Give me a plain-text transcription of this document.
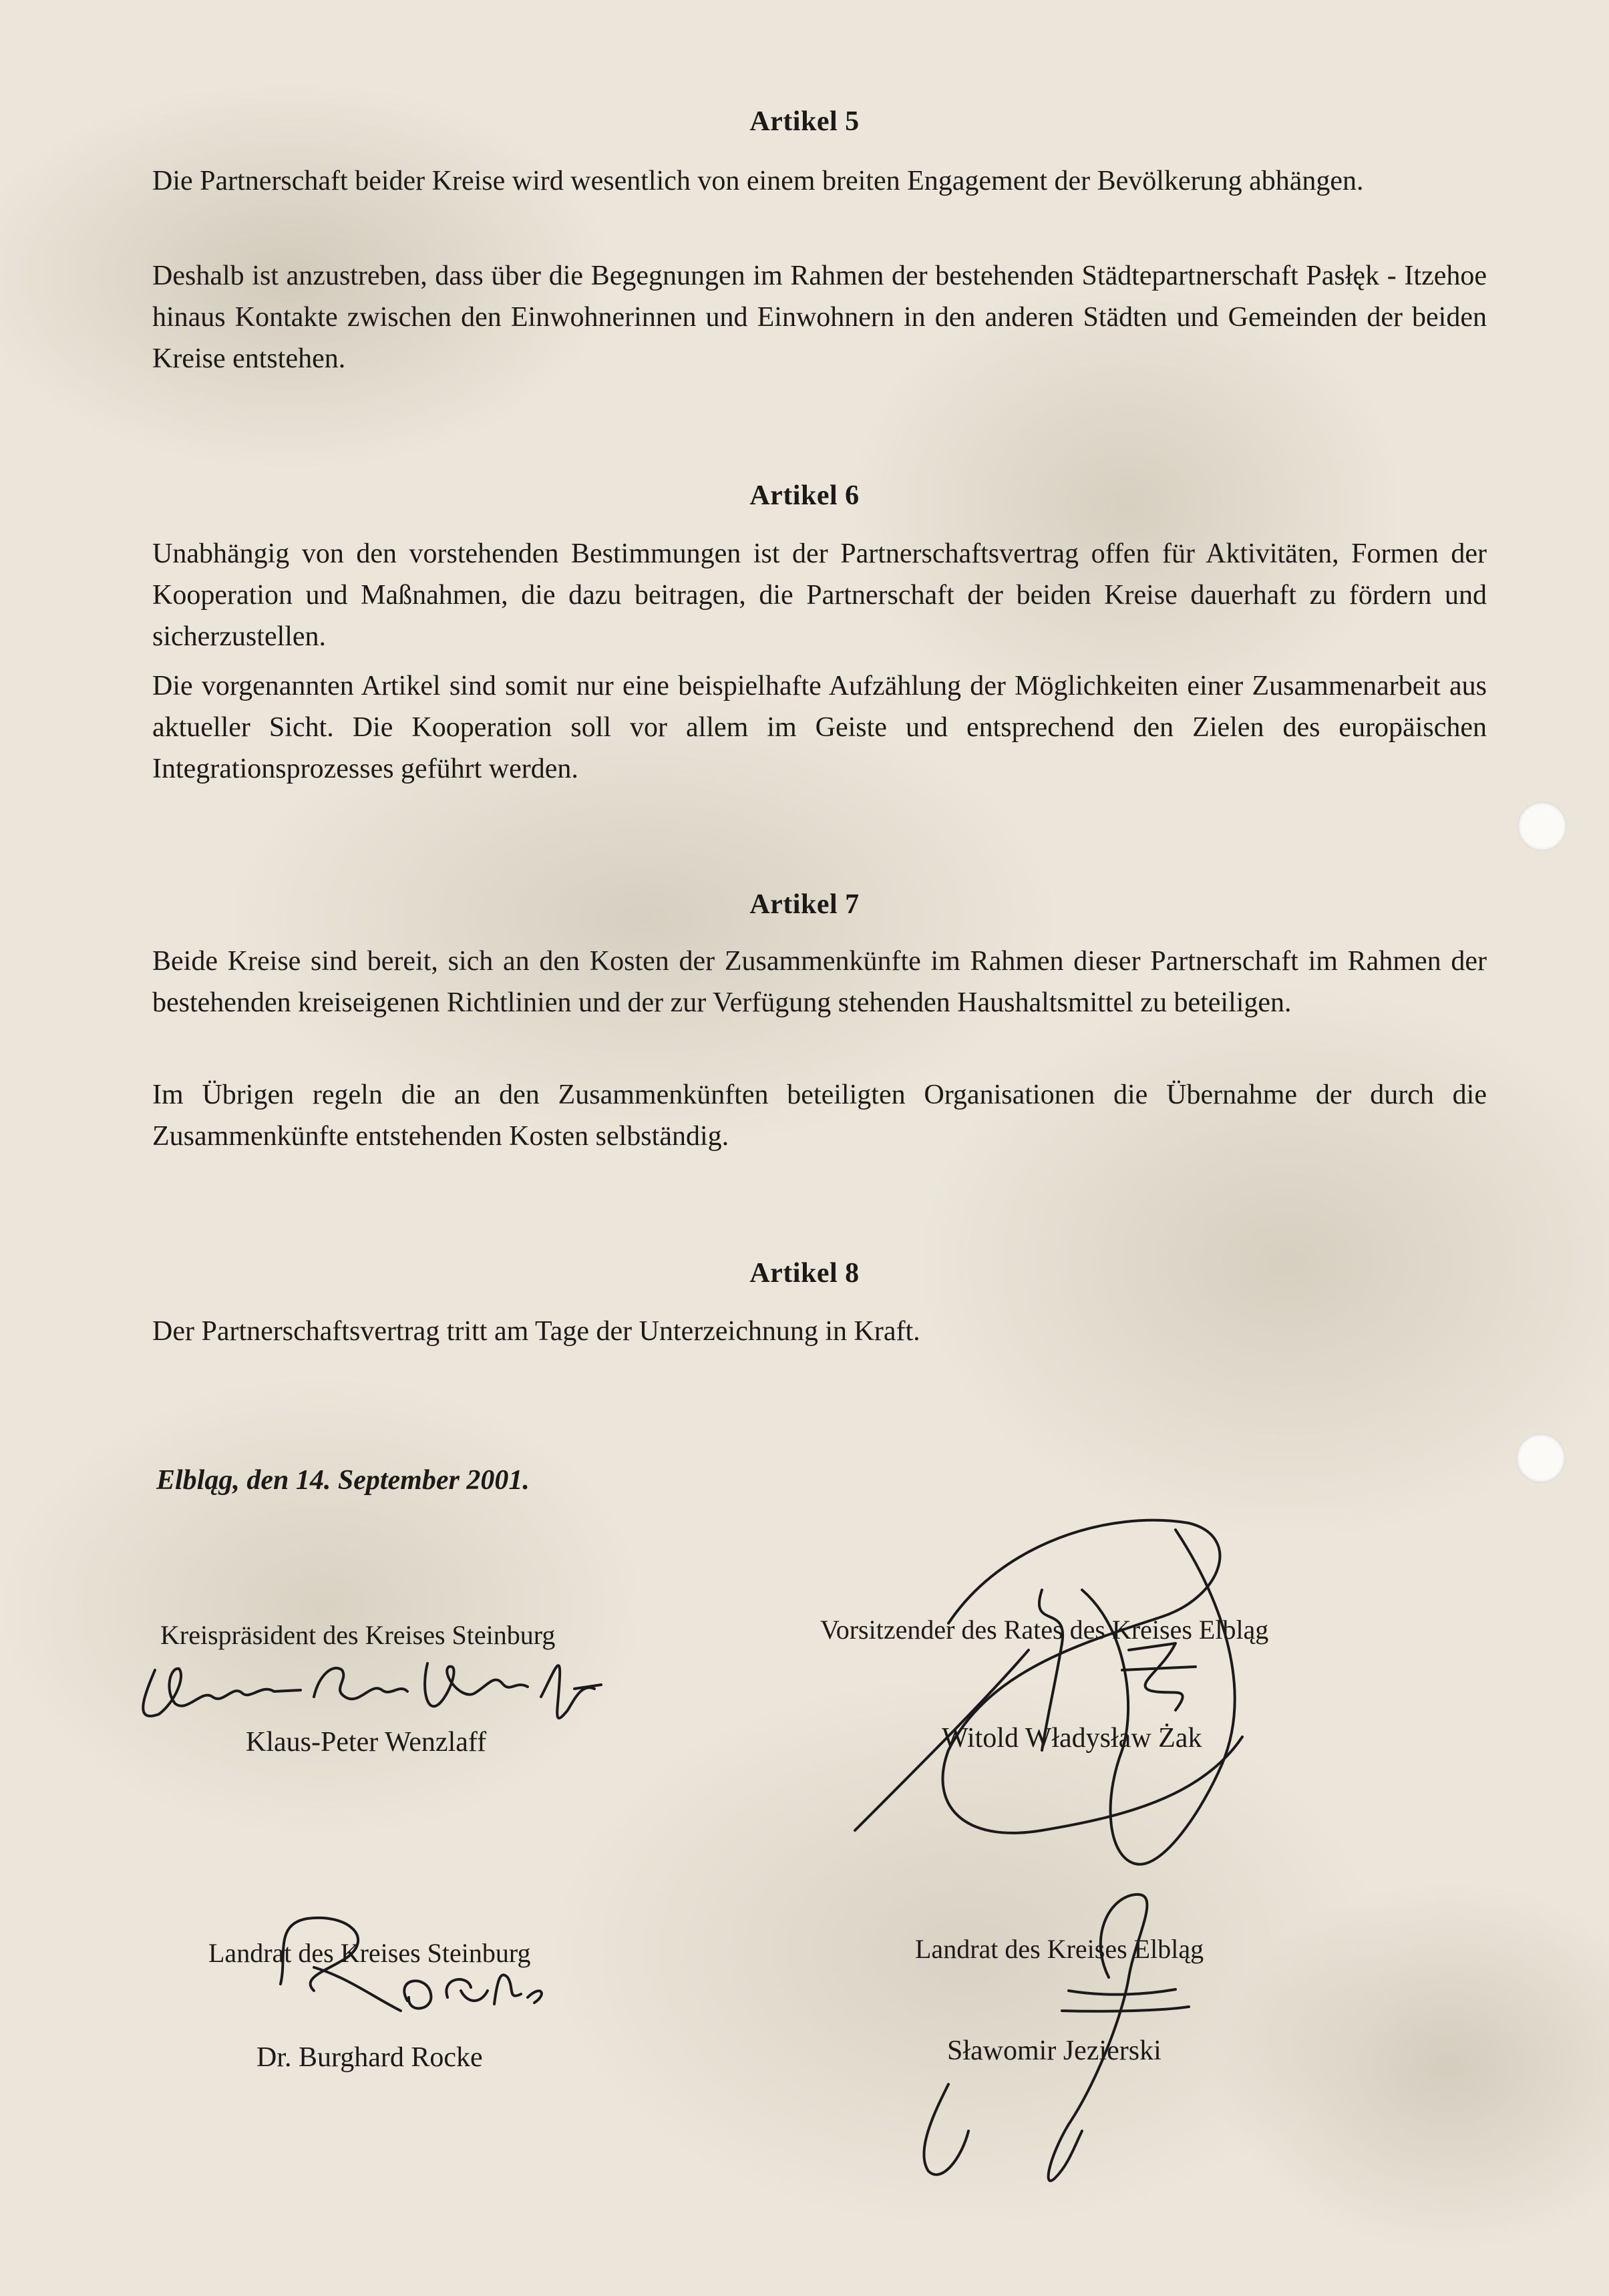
Artikel 5
Die Partnerschaft beider Kreise wird wesentlich von einem breiten Engagement der Bevölkerung abhängen.
Deshalb ist anzustreben, dass über die Begegnungen im Rahmen der bestehenden Städtepartnerschaft Pasłęk - Itzehoe hinaus Kontakte zwischen den Einwohnerinnen und Einwohnern in den anderen Städten und Gemeinden der beiden Kreise entstehen.
Artikel 6
Unabhängig von den vorstehenden Bestimmungen ist der Partnerschaftsvertrag offen für Aktivitäten, Formen der Kooperation und Maßnahmen, die dazu beitragen, die Partnerschaft der beiden Kreise dauerhaft zu fördern und sicherzustellen.
Die vorgenannten Artikel sind somit nur eine beispielhafte Aufzählung der Möglichkeiten einer Zusammenarbeit aus aktueller Sicht. Die Kooperation soll vor allem im Geiste und entsprechend den Zielen des europäischen Integrationsprozesses geführt werden.
Artikel 7
Beide Kreise sind bereit, sich an den Kosten der Zusammenkünfte im Rahmen dieser Partnerschaft im Rahmen der bestehenden kreiseigenen Richtlinien und der zur Verfügung stehenden Haushaltsmittel zu beteiligen.
Im Übrigen regeln die an den Zusammenkünften beteiligten Organisationen die Übernahme der durch die Zusammenkünfte entstehenden Kosten selbständig.
Artikel 8
Der Partnerschaftsvertrag tritt am Tage der Unterzeichnung in Kraft.
Elbląg, den 14. September 2001.
Kreispräsident des Kreises Steinburg
Klaus-Peter Wenzlaff
Vorsitzender des Rates des Kreises Elbląg
Witold Władysław Żak
Landrat des Kreises Steinburg
Dr. Burghard Rocke
Landrat des Kreises Elbląg
Sławomir Jezierski
